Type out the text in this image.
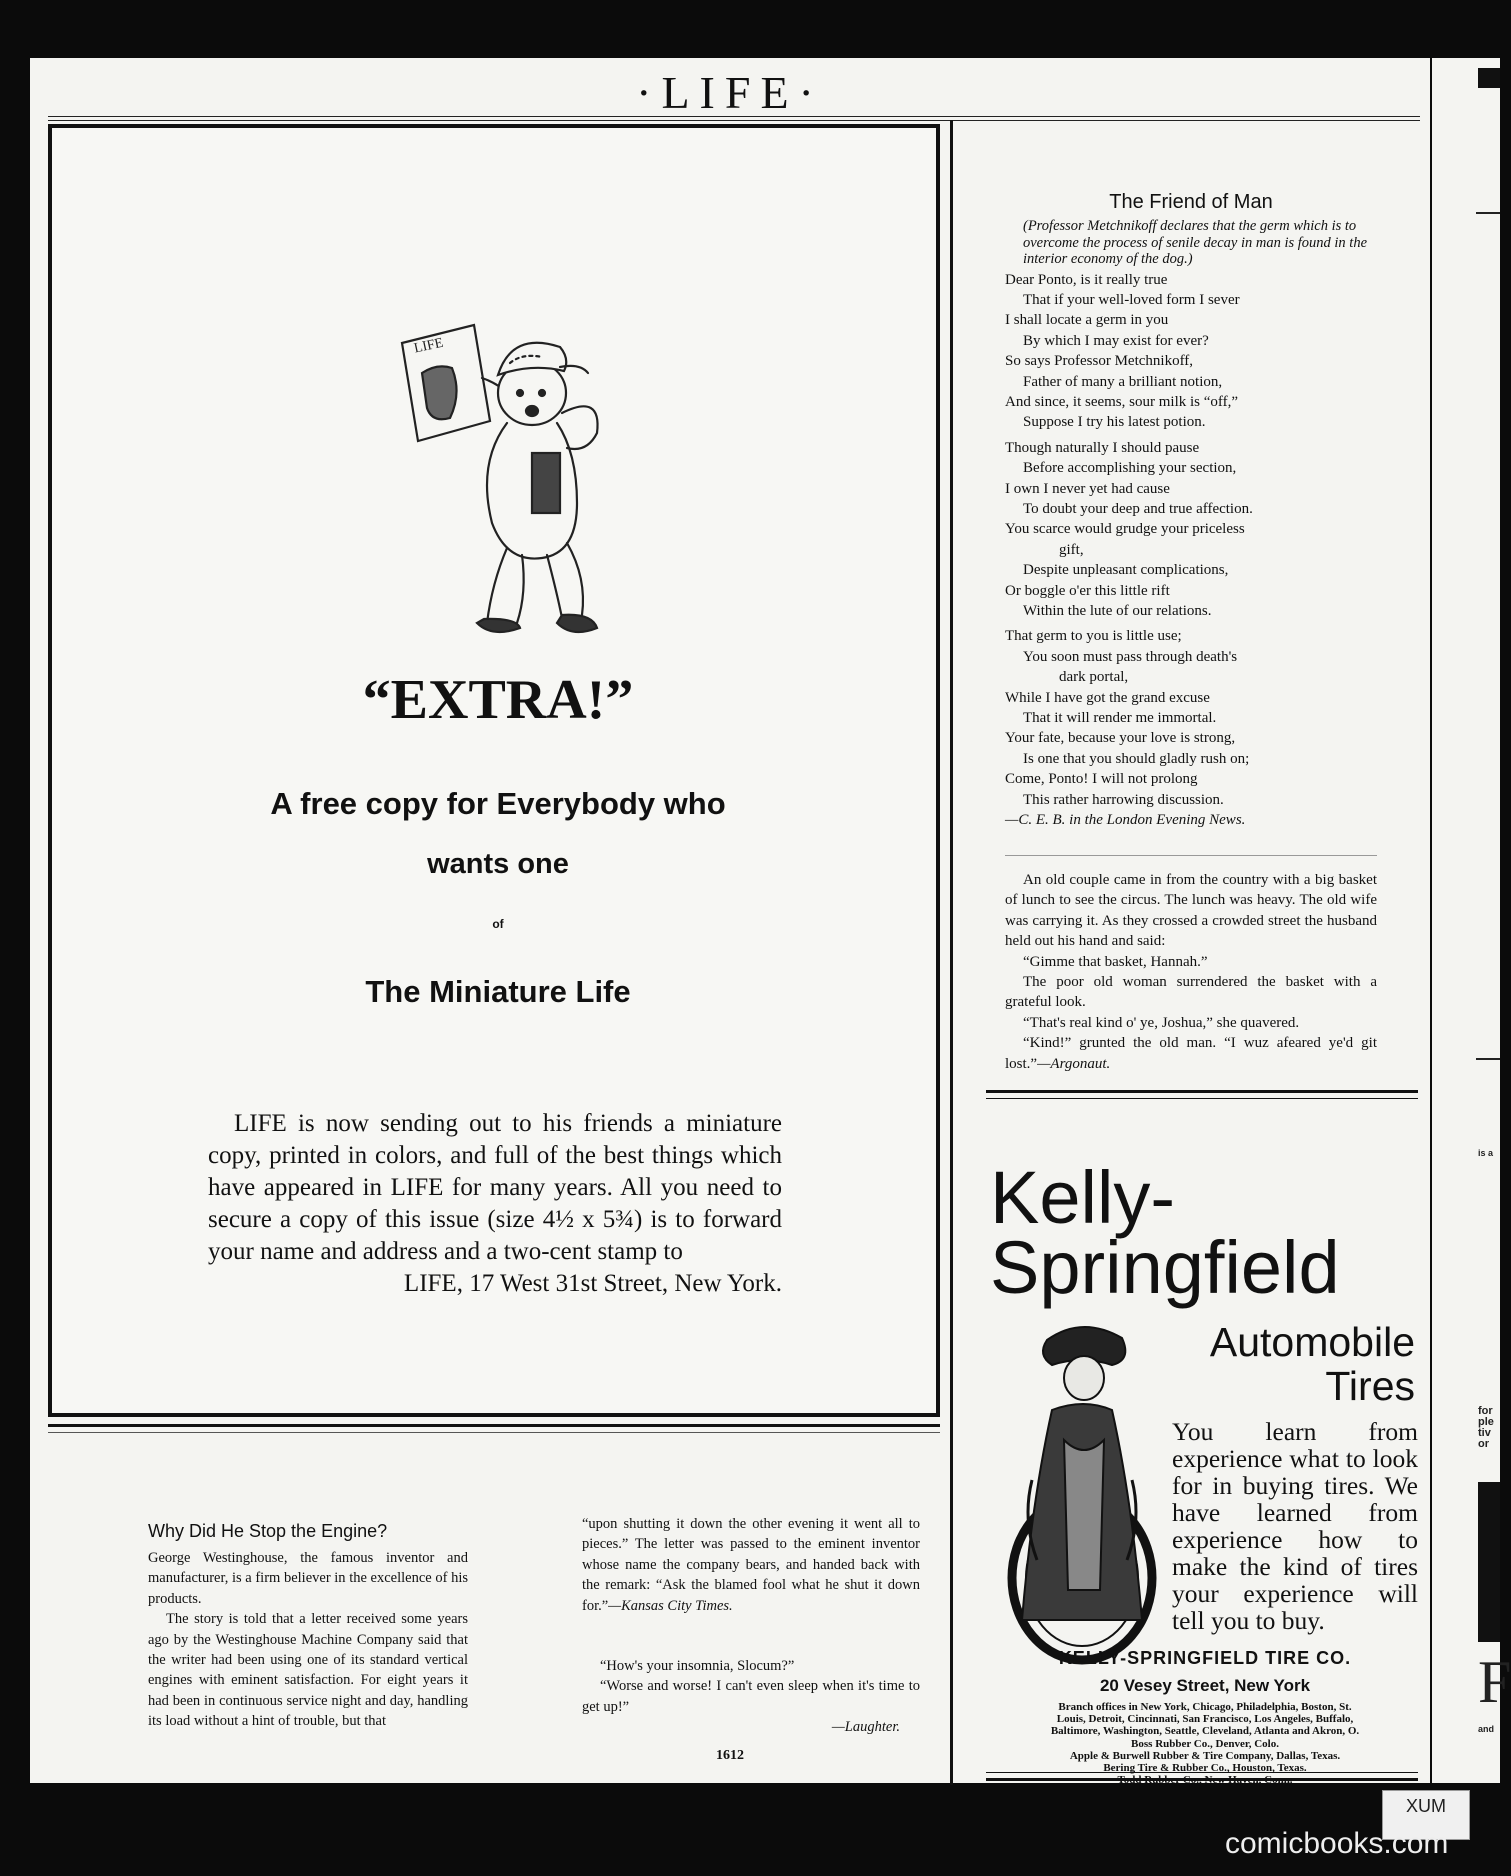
·LIFE·
LIFE
“EXTRA!”
A free copy for Everybody who
wants one
of
The Miniature Life

LIFE is now sending out to his friends a miniature copy, printed in colors, and full of the best things which have appeared in LIFE for many years. All you need to secure a copy of this issue (size 4½ x 5¾) is to forward your name and address and a two-cent stamp to

LIFE, 17 West 31st Street, New York.

The Friend of Man
(Professor Metchnikoff declares that the germ which is to overcome the process of senile decay in man is found in the interior economy of the dog.)
Dear Ponto, is it really true
That if your well-loved form I sever
I shall locate a germ in you
By which I may exist for ever?
So says Professor Metchnikoff,
Father of many a brilliant notion,
And since, it seems, sour milk is “off,”
Suppose I try his latest potion.
Though naturally I should pause
Before accomplishing your section,
I own I never yet had cause
To doubt your deep and true affection.
You scarce would grudge your priceless
gift,
Despite unpleasant complications,
Or boggle o'er this little rift
Within the lute of our relations.
That germ to you is little use;
You soon must pass through death's
dark portal,
While I have got the grand excuse
That it will render me immortal.
Your fate, because your love is strong,
Is one that you should gladly rush on;
Come, Ponto! I will not prolong
This rather harrowing discussion.
—C. E. B. in the London Evening News.

An old couple came in from the country with a big basket of lunch to see the circus. The lunch was heavy. The old wife was carrying it. As they crossed a crowded street the husband held out his hand and said:

“Gimme that basket, Hannah.”

The poor old woman surrendered the basket with a grateful look.

“That's real kind o' ye, Joshua,” she quavered.

“Kind!” grunted the old man. “I wuz afeared ye'd git lost.”—Argonaut.

Kelly-
Springfield
Automobile
Tires
You learn from experience what to look for in buying tires. We have learned from experience how to make the kind of tires your experience will tell you to buy.
KELLY-SPRINGFIELD TIRE CO.
20 Vesey Street, New York
Branch offices in New York, Chicago, Philadelphia, Boston, St.
Louis, Detroit, Cincinnati, San Francisco, Los Angeles, Buffalo,
Baltimore, Washington, Seattle, Cleveland, Atlanta and Akron, O.
Boss Rubber Co., Denver, Colo.
Apple & Burwell Rubber & Tire Company, Dallas, Texas.
Bering Tire & Rubber Co., Houston, Texas.
Todd Rubber Co., New Haven, Conn.
Why Did He Stop the Engine?

George Westinghouse, the famous inventor and manufacturer, is a firm believer in the excellence of his products.

The story is told that a letter received some years ago by the Westinghouse Machine Company said that the writer had been using one of its standard vertical engines with eminent satisfaction. For eight years it had been in continuous service night and day, handling its load without a hint of trouble, but that

“upon shutting it down the other evening it went all to pieces.” The letter was passed to the eminent inventor whose name the company bears, and handed back with the remark: “Ask the blamed fool what he shut it down for.”—Kansas City Times.

“How's your insomnia, Slocum?”

“Worse and worse! I can't even sleep when it's time to get up!”

—Laughter.

1612
is a
for
ple
tiv
or
F
and
XUM
comicbooks.com
